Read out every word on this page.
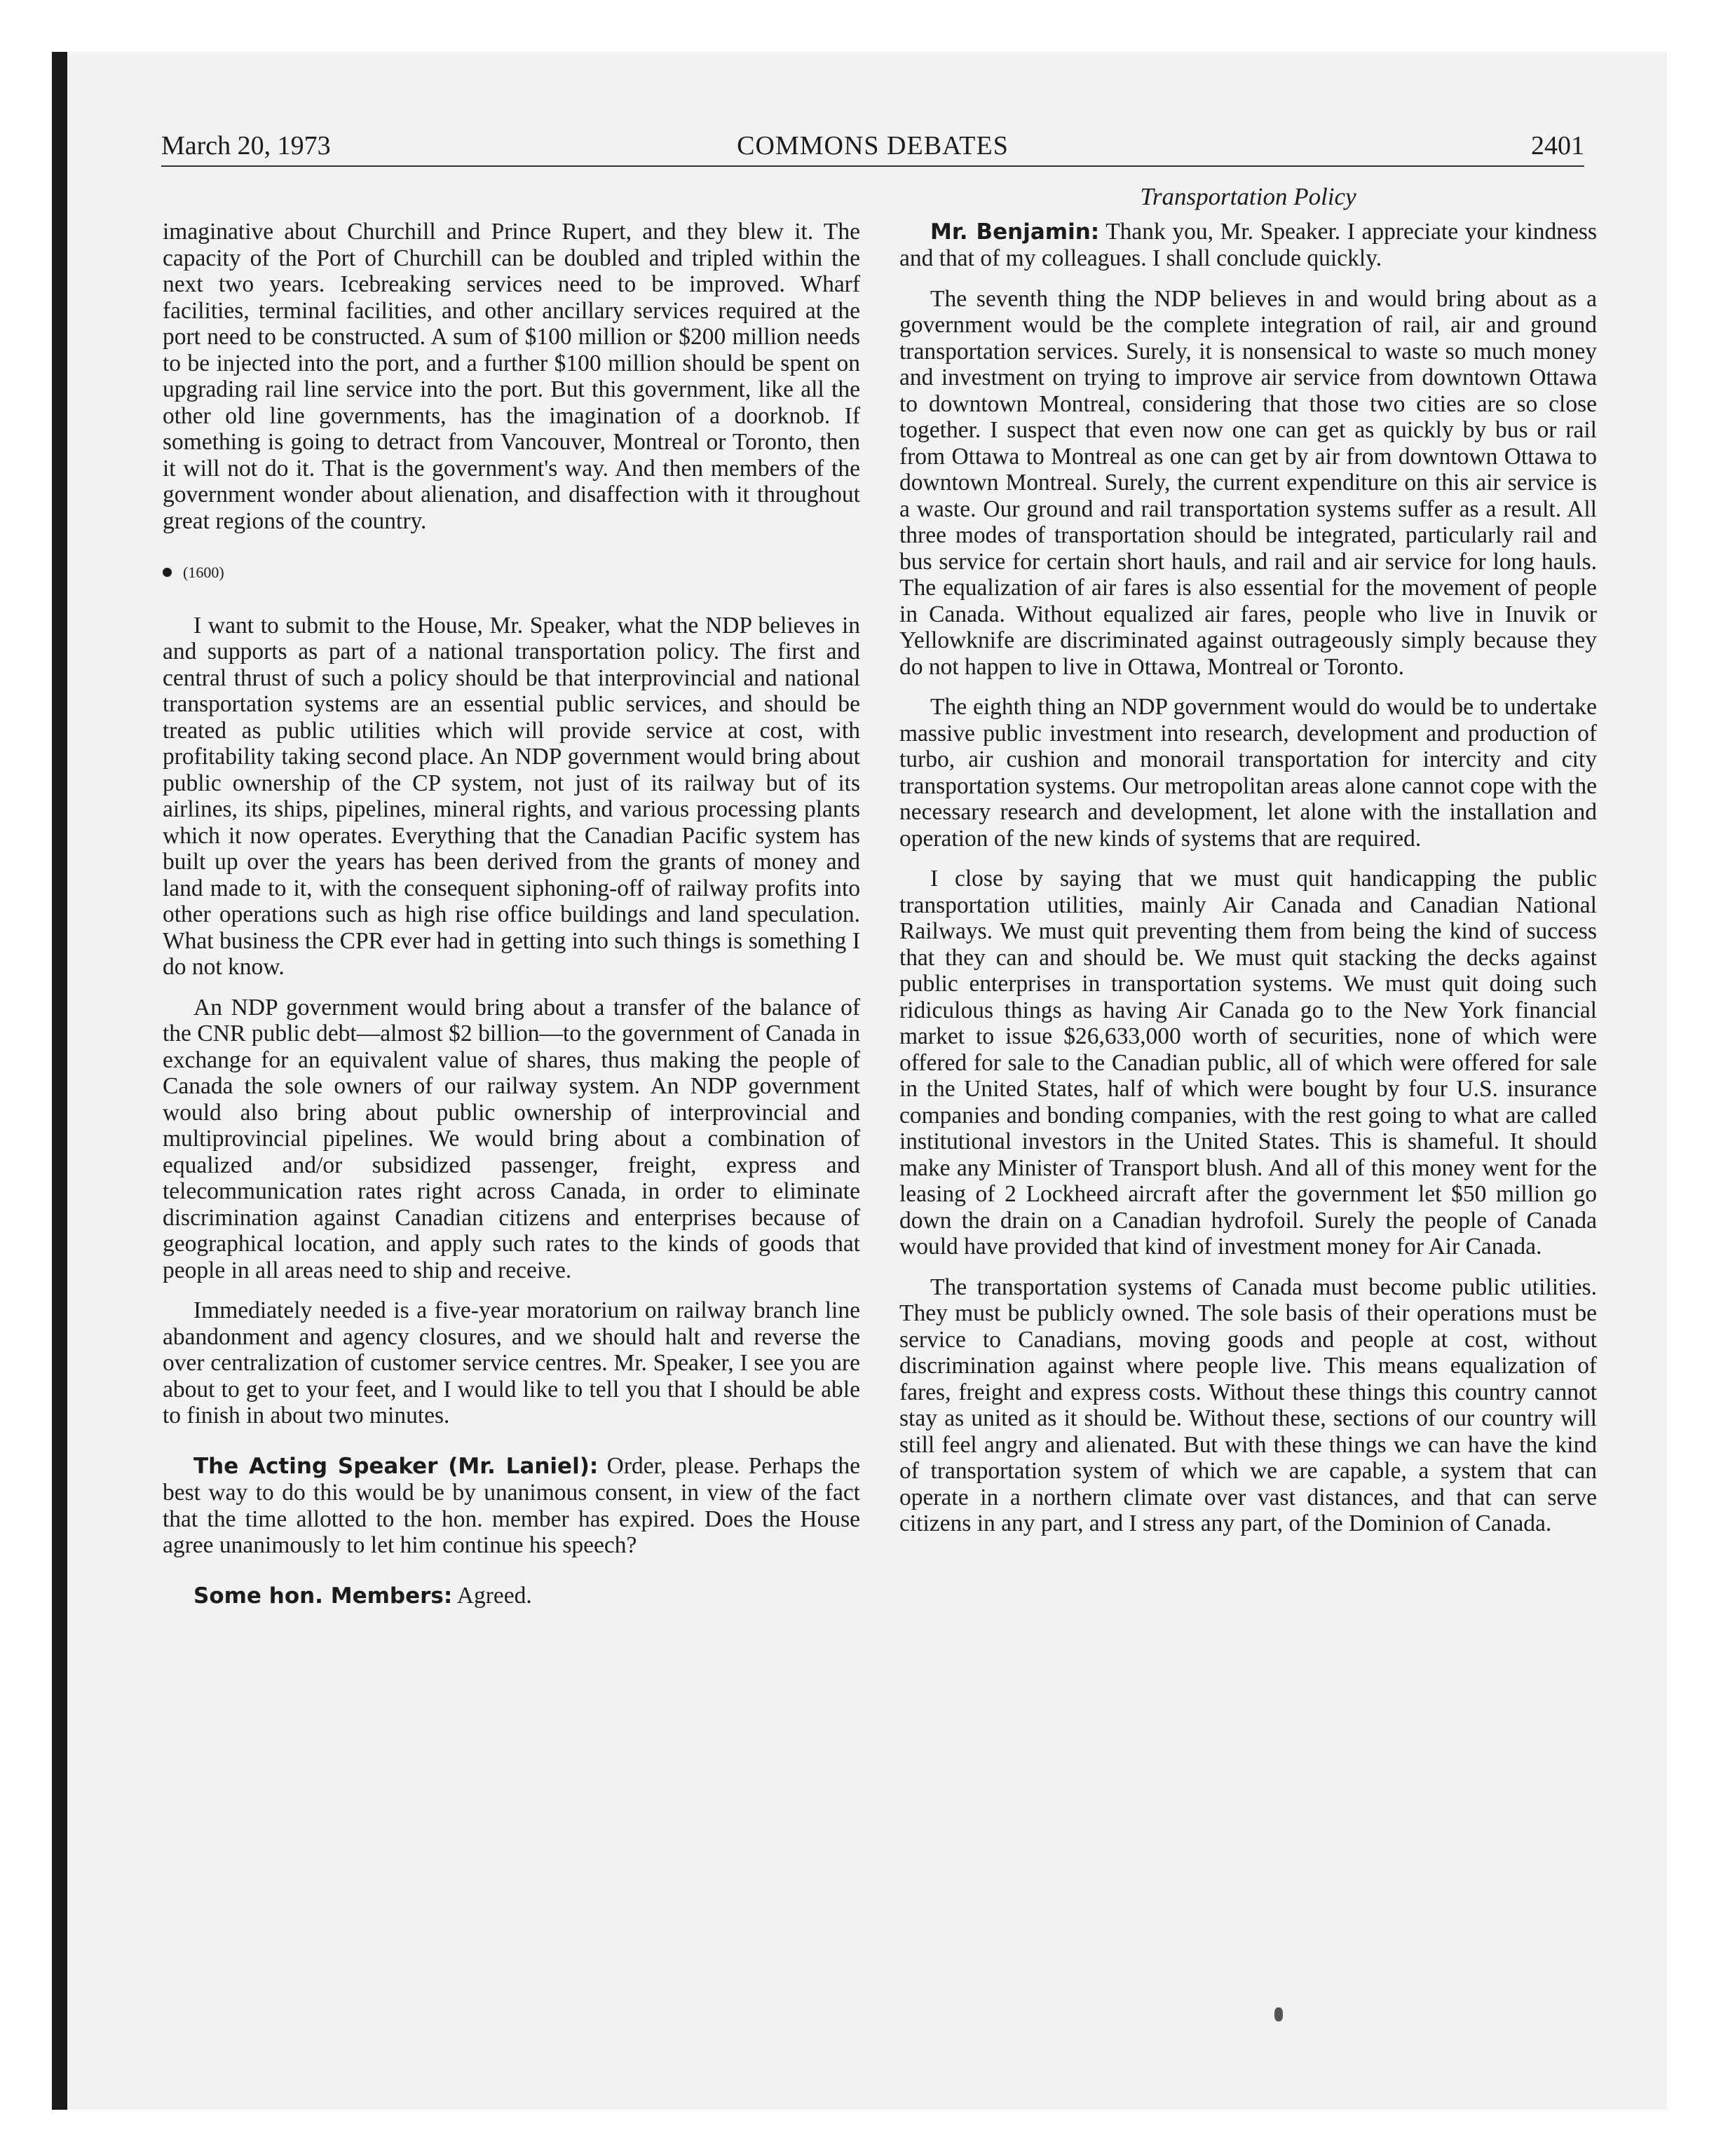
March 20, 1973	COMMONS DEBATES	2401

imaginative about Churchill and Prince Rupert, and they blew it. The capacity of the Port of Churchill can be doubled and tripled within the next two years. Icebreaking services need to be improved. Wharf facilities, terminal facilities, and other ancillary services required at the port need to be constructed. A sum of $100 million or $200 million needs to be injected into the port, and a further $100 million should be spent on upgrading rail line service into the port. But this government, like all the other old line governments, has the imagination of a doorknob. If something is going to detract from Vancouver, Montreal or Toronto, then it will not do it. That is the government's way. And then members of the government wonder about alienation, and disaffection with it throughout great regions of the country.

(1600)

I want to submit to the House, Mr. Speaker, what the NDP believes in and supports as part of a national transportation policy. The first and central thrust of such a policy should be that interprovincial and national transportation systems are an essential public services, and should be treated as public utilities which will provide service at cost, with profitability taking second place. An NDP government would bring about public ownership of the CP system, not just of its railway but of its airlines, its ships, pipelines, mineral rights, and various processing plants which it now operates. Everything that the Canadian Pacific system has built up over the years has been derived from the grants of money and land made to it, with the consequent siphoning-off of railway profits into other operations such as high rise office buildings and land speculation. What business the CPR ever had in getting into such things is something I do not know.

An NDP government would bring about a transfer of the balance of the CNR public debt—almost $2 billion—to the government of Canada in exchange for an equivalent value of shares, thus making the people of Canada the sole owners of our railway system. An NDP government would also bring about public ownership of interprovincial and multiprovincial pipelines. We would bring about a combination of equalized and/or subsidized passenger, freight, express and telecommunication rates right across Canada, in order to eliminate discrimination against Canadian citizens and enterprises because of geographical location, and apply such rates to the kinds of goods that people in all areas need to ship and receive.

Immediately needed is a five-year moratorium on railway branch line abandonment and agency closures, and we should halt and reverse the over centralization of customer service centres. Mr. Speaker, I see you are about to get to your feet, and I would like to tell you that I should be able to finish in about two minutes.

The Acting Speaker (Mr. Laniel): Order, please. Perhaps the best way to do this would be by unanimous consent, in view of the fact that the time allotted to the hon. member has expired. Does the House agree unanimously to let him continue his speech?

Some hon. Members: Agreed.

Transportation Policy

Mr. Benjamin: Thank you, Mr. Speaker. I appreciate your kindness and that of my colleagues. I shall conclude quickly.

The seventh thing the NDP believes in and would bring about as a government would be the complete integration of rail, air and ground transportation services. Surely, it is nonsensical to waste so much money and investment on trying to improve air service from downtown Ottawa to downtown Montreal, considering that those two cities are so close together. I suspect that even now one can get as quickly by bus or rail from Ottawa to Montreal as one can get by air from downtown Ottawa to downtown Montreal. Surely, the current expenditure on this air service is a waste. Our ground and rail transportation systems suffer as a result. All three modes of transportation should be integrated, particularly rail and bus service for certain short hauls, and rail and air service for long hauls. The equalization of air fares is also essential for the movement of people in Canada. Without equalized air fares, people who live in Inuvik or Yellowknife are discriminated against outrageously simply because they do not happen to live in Ottawa, Montreal or Toronto.

The eighth thing an NDP government would do would be to undertake massive public investment into research, development and production of turbo, air cushion and monorail transportation for intercity and city transportation systems. Our metropolitan areas alone cannot cope with the necessary research and development, let alone with the installation and operation of the new kinds of systems that are required.

I close by saying that we must quit handicapping the public transportation utilities, mainly Air Canada and Canadian National Railways. We must quit preventing them from being the kind of success that they can and should be. We must quit stacking the decks against public enterprises in transportation systems. We must quit doing such ridiculous things as having Air Canada go to the New York financial market to issue $26,633,000 worth of securities, none of which were offered for sale to the Canadian public, all of which were offered for sale in the United States, half of which were bought by four U.S. insurance companies and bonding companies, with the rest going to what are called institutional investors in the United States. This is shameful. It should make any Minister of Transport blush. And all of this money went for the leasing of 2 Lockheed aircraft after the government let $50 million go down the drain on a Canadian hydrofoil. Surely the people of Canada would have provided that kind of investment money for Air Canada.

The transportation systems of Canada must become public utilities. They must be publicly owned. The sole basis of their operations must be service to Canadians, moving goods and people at cost, without discrimination against where people live. This means equalization of fares, freight and express costs. Without these things this country cannot stay as united as it should be. Without these, sections of our country will still feel angry and alienated. But with these things we can have the kind of transportation system of which we are capable, a system that can operate in a northern climate over vast distances, and that can serve citizens in any part, and I stress any part, of the Dominion of Canada.
